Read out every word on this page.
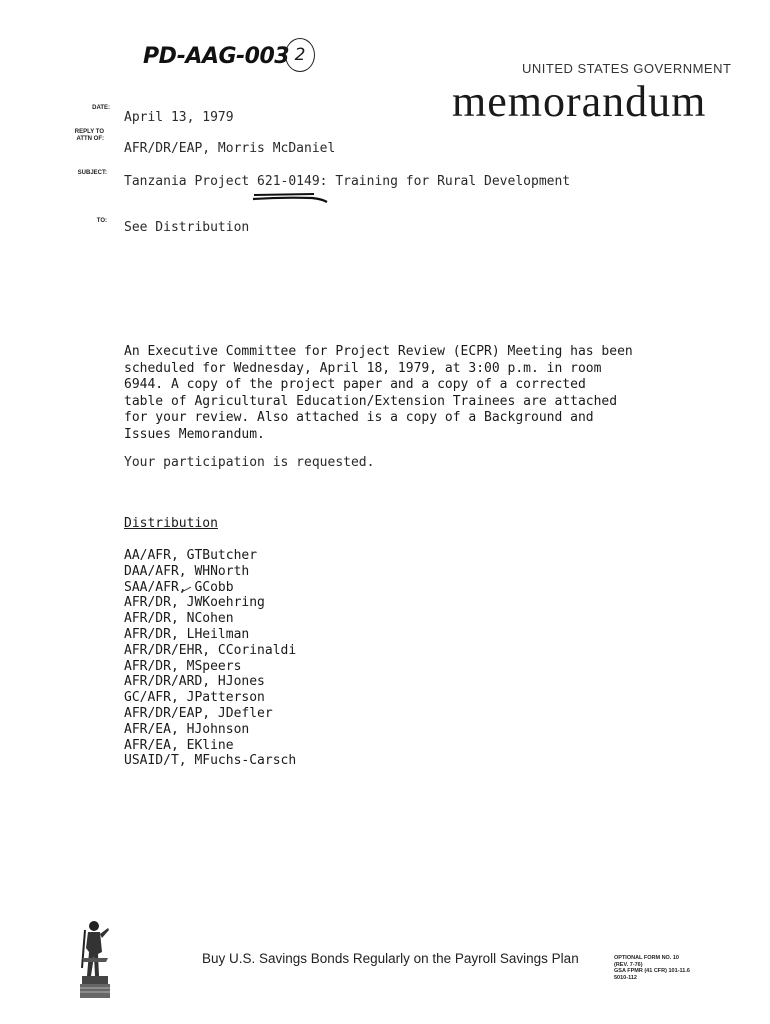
PD-AAG-003 2
UNITED STATES GOVERNMENT
memorandum
DATE:
April 13, 1979
REPLY TO
ATTN OF:
AFR/DR/EAP, Morris McDaniel
SUBJECT:
Tanzania Project 621-0149: Training for Rural Development
TO: See Distribution
An Executive Committee for Project Review (ECPR) Meeting has been
scheduled for Wednesday, April 18, 1979, at 3:00 p.m. in room
6944. A copy of the project paper and a copy of a corrected
table of Agricultural Education/Extension Trainees are attached
for your review. Also attached is a copy of a Background and
Issues Memorandum.
Your participation is requested.
Distribution
AA/AFR, GTButcher
DAA/AFR, WHNorth
SAA/AFR, GCobb
AFR/DR, JWKoehring
AFR/DR, NCohen
AFR/DR, LHeilman
AFR/DR/EHR, CCorinaldi
AFR/DR, MSpeers
AFR/DR/ARD, HJones
GC/AFR, JPatterson
AFR/DR/EAP, JDefler
AFR/EA, HJohnson
AFR/EA, EKline
USAID/T, MFuchs-Carsch
Buy U.S. Savings Bonds Regularly on the Payroll Savings Plan	OPTIONAL FORM NO. 10
(REV. 7-76)
GSA FPMR (41 CFR) 101-11.6
5010-112
